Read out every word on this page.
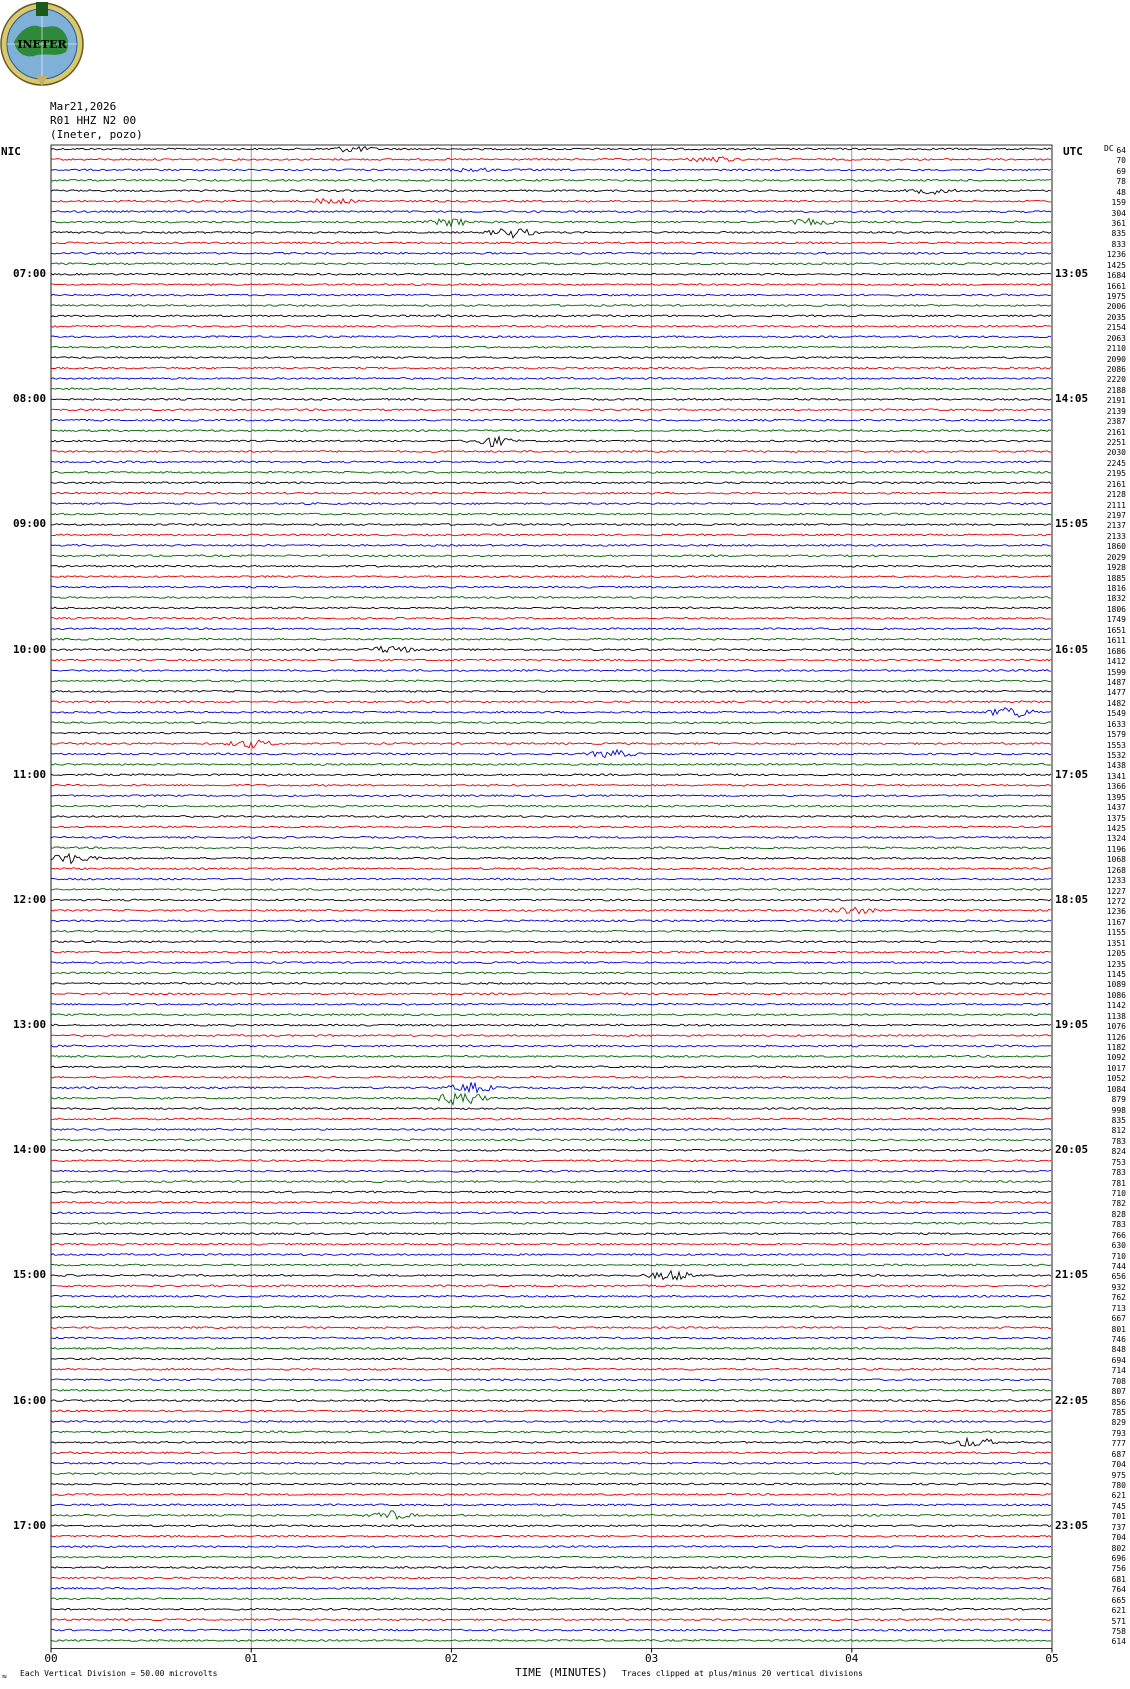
INETER
00	01	02	03	04	05
Mar21,2026
R01 HHZ N2 00
(Ineter, pozo)
NIC	UTC	DC
07:00
08:00
09:00
10:00
11:00
12:00
13:00
14:00
15:00
16:00
17:00
13:05
14:05
15:05
16:05
17:05
18:05
19:05
20:05
21:05
22:05
23:05
64
70
69
78
48
159
304
361
835
833
1236
1425
1684
1661
1975
2006
2035
2154
2063
2110
2090
2086
2220
2188
2191
2139
2387
2161
2251
2030
2245
2195
2161
2128
2111
2197
2137
2133
1860
2029
1928
1885
1816
1832
1806
1749
1651
1611
1686
1412
1599
1487
1477
1482
1549
1633
1579
1553
1532
1438
1341
1366
1395
1437
1375
1425
1324
1196
1068
1268
1233
1227
1272
1236
1167
1155
1351
1205
1235
1145
1089
1086
1142
1138
1076
1126
1182
1092
1017
1052
1084
879
998
835
812
783
824
753
783
781
710
782
828
783
766
630
710
744
656
932
762
713
667
801
746
848
694
714
708
807
856
785
829
793
777
687
704
975
780
621
745
701
737
704
802
696
756
681
764
665
621
571
758
614
TIME (MINUTES)
≈ Each Vertical Division = 50.00 microvolts	Traces clipped at plus/minus 20 vertical divisions
